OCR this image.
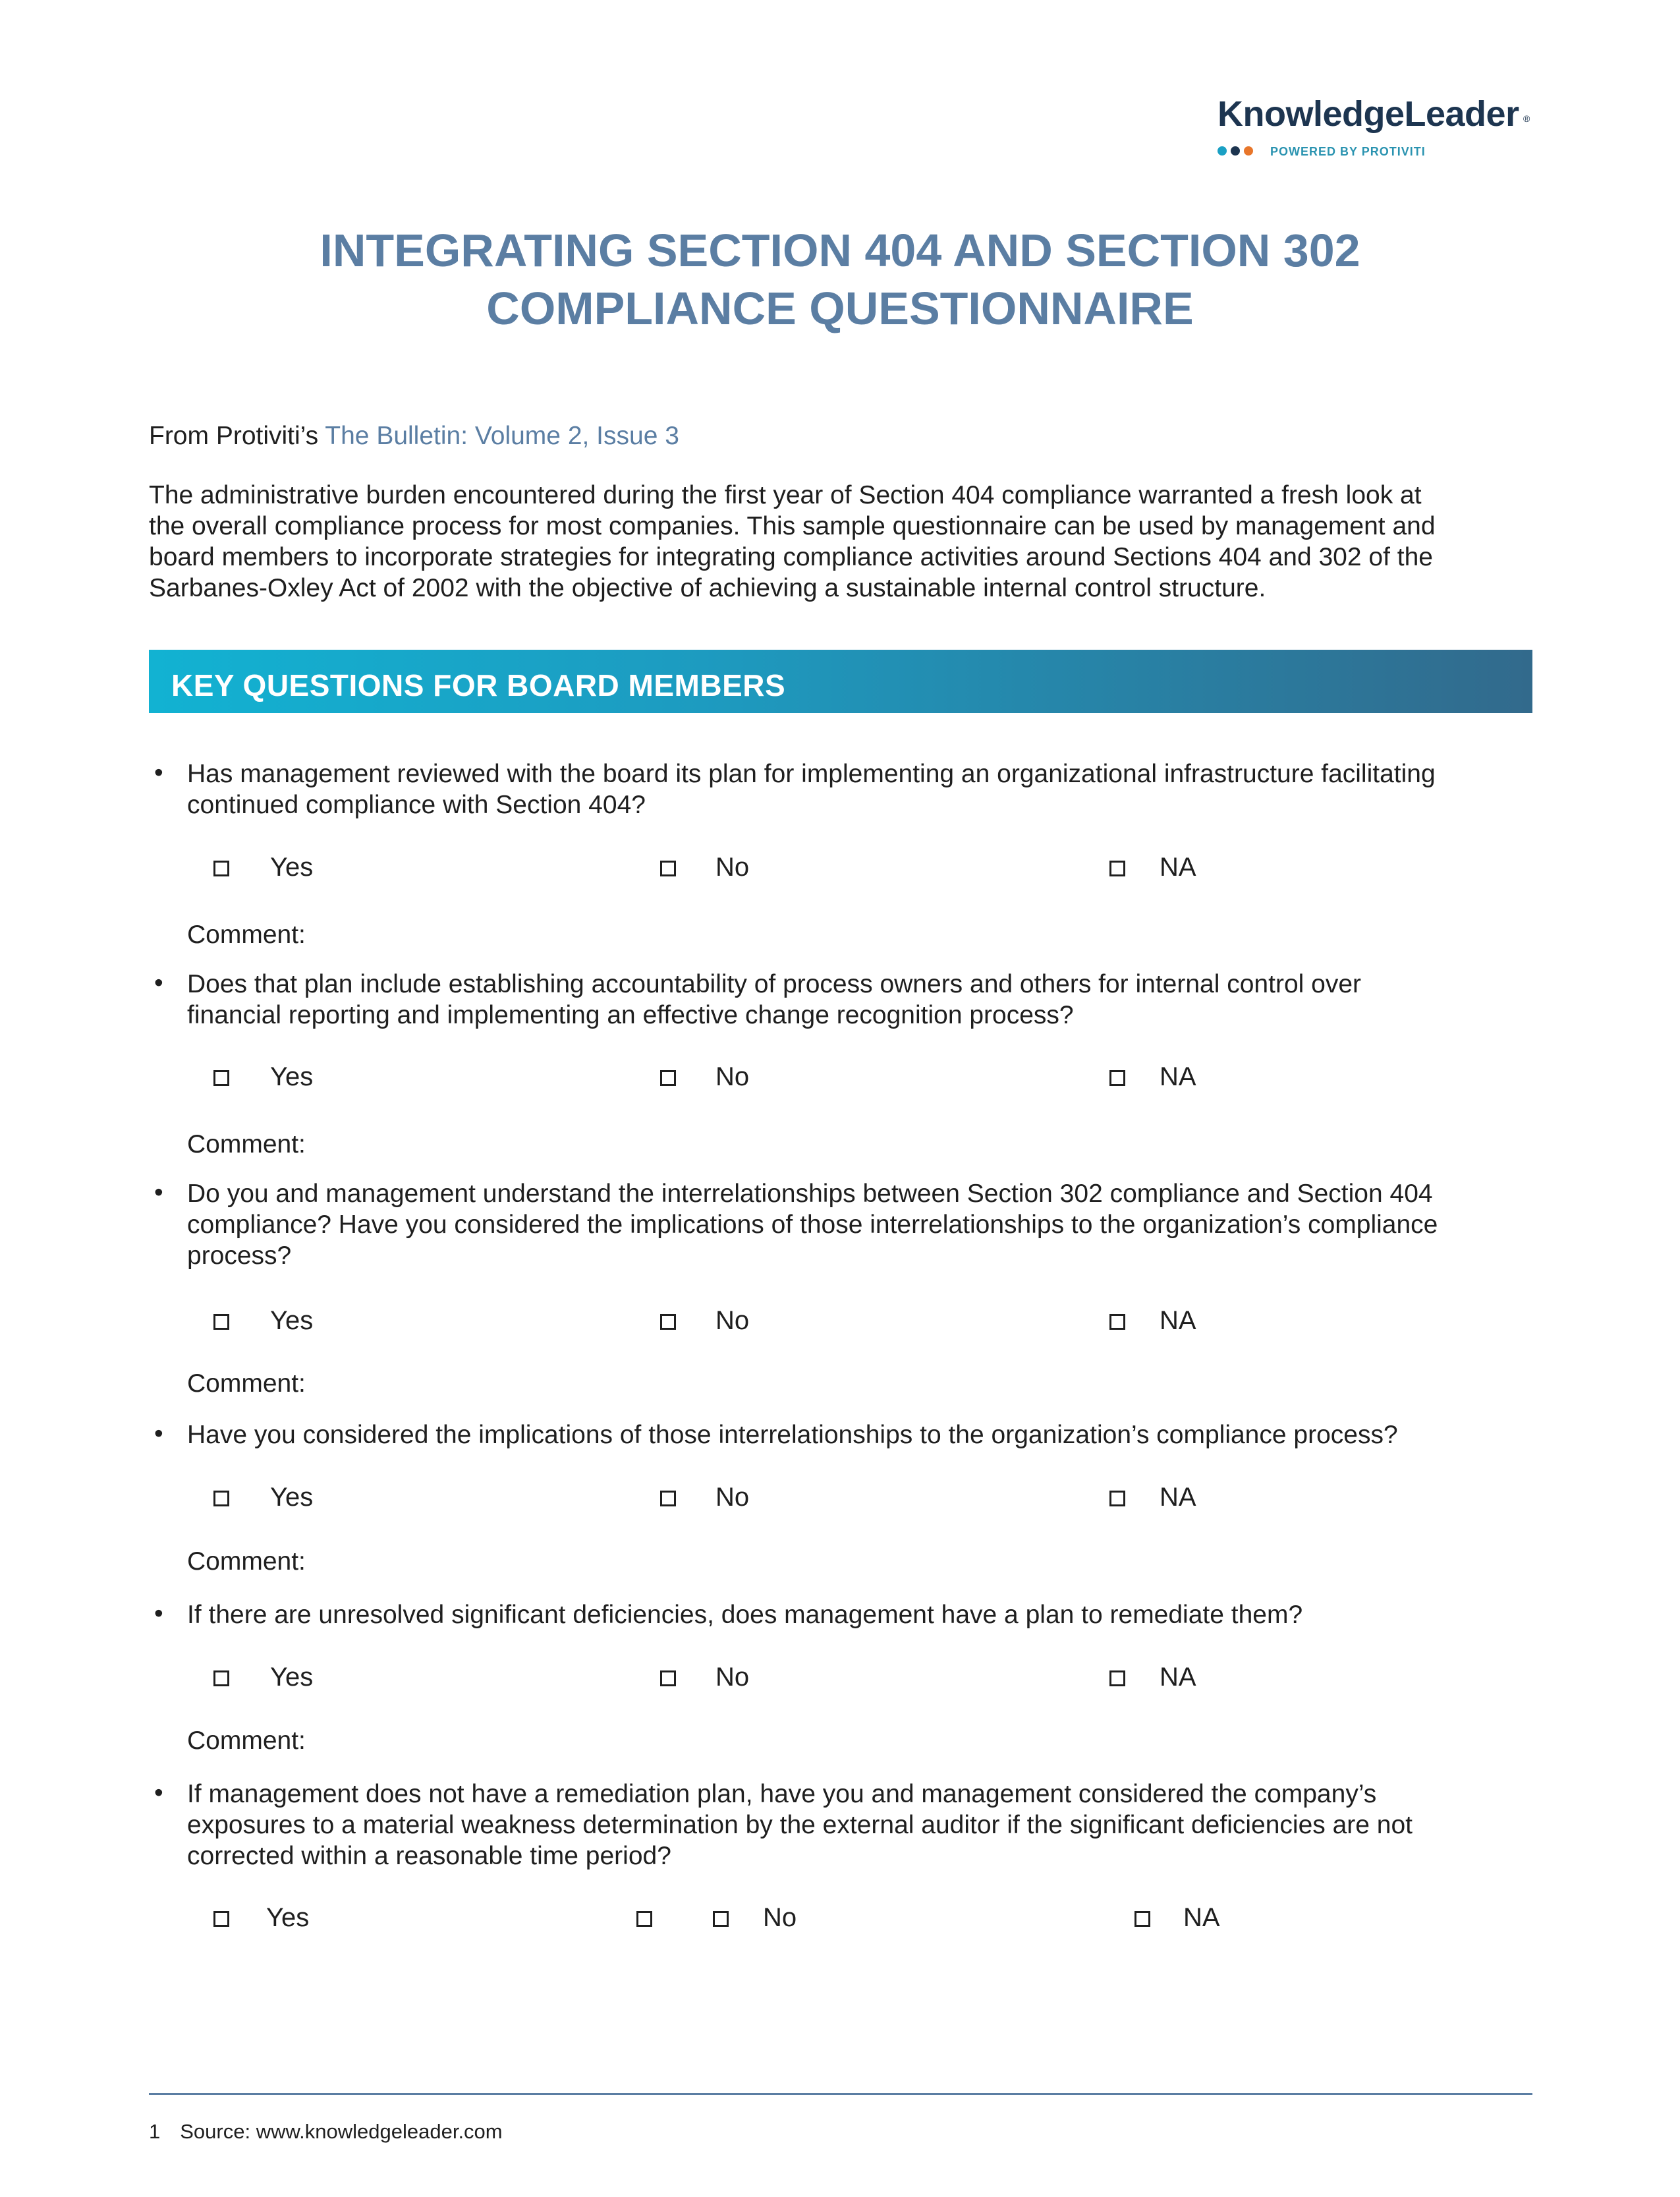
KnowledgeLeader ®
POWERED BY PROTIVITI
INTEGRATING SECTION 404 AND SECTION 302
COMPLIANCE QUESTIONNAIRE
From Protiviti’s The Bulletin: Volume 2, Issue 3
The administrative burden encountered during the first year of Section 404 compliance warranted a fresh look at
the overall compliance process for most companies. This sample questionnaire can be used by management and
board members to incorporate strategies for integrating compliance activities around Sections 404 and 302 of the
Sarbanes-Oxley Act of 2002 with the objective of achieving a sustainable internal control structure.
KEY QUESTIONS FOR BOARD MEMBERS
• Has management reviewed with the board its plan for implementing an organizational infrastructure facilitating
continued compliance with Section 404?
Yes	No	NA
Comment:
• Does that plan include establishing accountability of process owners and others for internal control over
financial reporting and implementing an effective change recognition process?
Yes	No	NA
Comment:
• Do you and management understand the interrelationships between Section 302 compliance and Section 404
compliance? Have you considered the implications of those interrelationships to the organization’s compliance
process?
Yes	No	NA
Comment:
• Have you considered the implications of those interrelationships to the organization’s compliance process?
Yes	No	NA
Comment:
• If there are unresolved significant deficiencies, does management have a plan to remediate them?
Yes	No	NA
Comment:
• If management does not have a remediation plan, have you and management considered the company’s
exposures to a material weakness determination by the external auditor if the significant deficiencies are not
corrected within a reasonable time period?
Yes	No	NA
1 Source: www.knowledgeleader.com
